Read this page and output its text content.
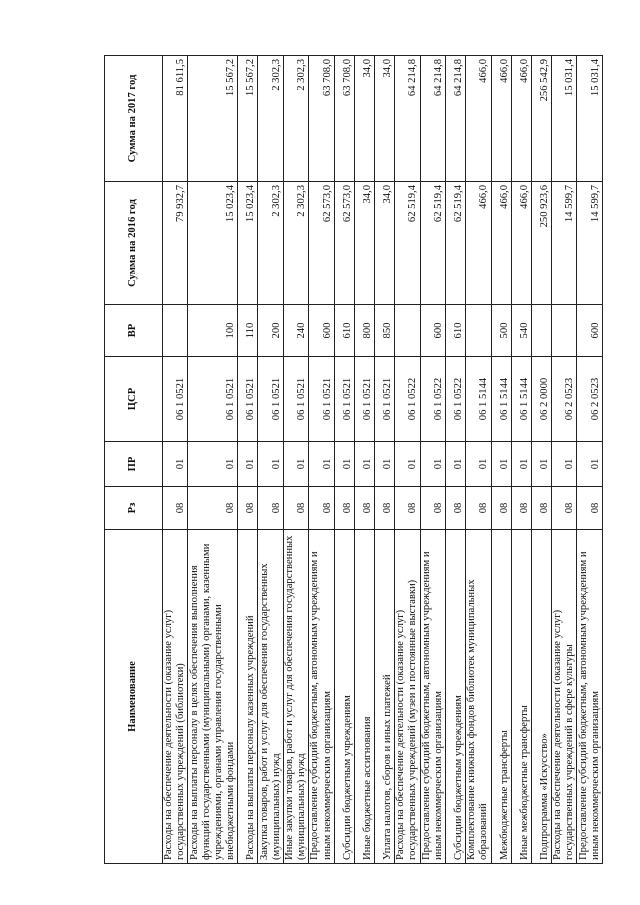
Наименование	Рз	ПР	ЦСР	ВР	Сумма на 2016 год	Сумма на 2017 год
Расходы на обеспечение деятельности (оказание услуг) государственных учреждений (библиотеки)	08	01	06 1 0521		79 932,7	81 611,5
Расходы на выплаты персоналу в целях обеспечения выполнения функций государственными (муниципальными) органами, казенными учреждениями, органами управления государственными внебюджетными фондами	08	01	06 1 0521	100	15 023,4	15 567,2
Расходы на выплаты персоналу казенных учреждений	08	01	06 1 0521	110	15 023,4	15 567,2
Закупка товаров, работ и услуг для обеспечения государственных (муниципальных) нужд	08	01	06 1 0521	200	2 302,3	2 302,3
Иные закупки товаров, работ и услуг для обеспечения государственных (муниципальных) нужд	08	01	06 1 0521	240	2 302,3	2 302,3
Предоставление субсидий бюджетным, автономным учреждениям и иным некоммерческим организациям	08	01	06 1 0521	600	62 573,0	63 708,0
Субсидии бюджетным учреждениям	08	01	06 1 0521	610	62 573,0	63 708,0
Иные бюджетные ассигнования	08	01	06 1 0521	800	34,0	34,0
Уплата налогов, сборов и иных платежей	08	01	06 1 0521	850	34,0	34,0
Расходы на обеспечение деятельности (оказание услуг) государственных учреждений (музеи и постоянные выставки)	08	01	06 1 0522		62 519,4	64 214,8
Предоставление субсидий бюджетным, автономным учреждениям и иным некоммерческим организациям	08	01	06 1 0522	600	62 519,4	64 214,8
Субсидии бюджетным учреждениям	08	01	06 1 0522	610	62 519,4	64 214,8
Комплектование книжных фондов библиотек муниципальных образований	08	01	06 1 5144		466,0	466,0
Межбюджетные трансферты	08	01	06 1 5144	500	466,0	466,0
Иные межбюджетные трансферты	08	01	06 1 5144	540	466,0	466,0
Подпрограмма «Искусство»	08	01	06 2 0000		250 923,6	256 542,9
Расходы на обеспечение деятельности (оказание услуг) государственных учреждений в сфере культуры	08	01	06 2 0523		14 599,7	15 031,4
Предоставление субсидий бюджетным, автономным учреждениям и иным некоммерческим организациям	08	01	06 2 0523	600	14 599,7	15 031,4
